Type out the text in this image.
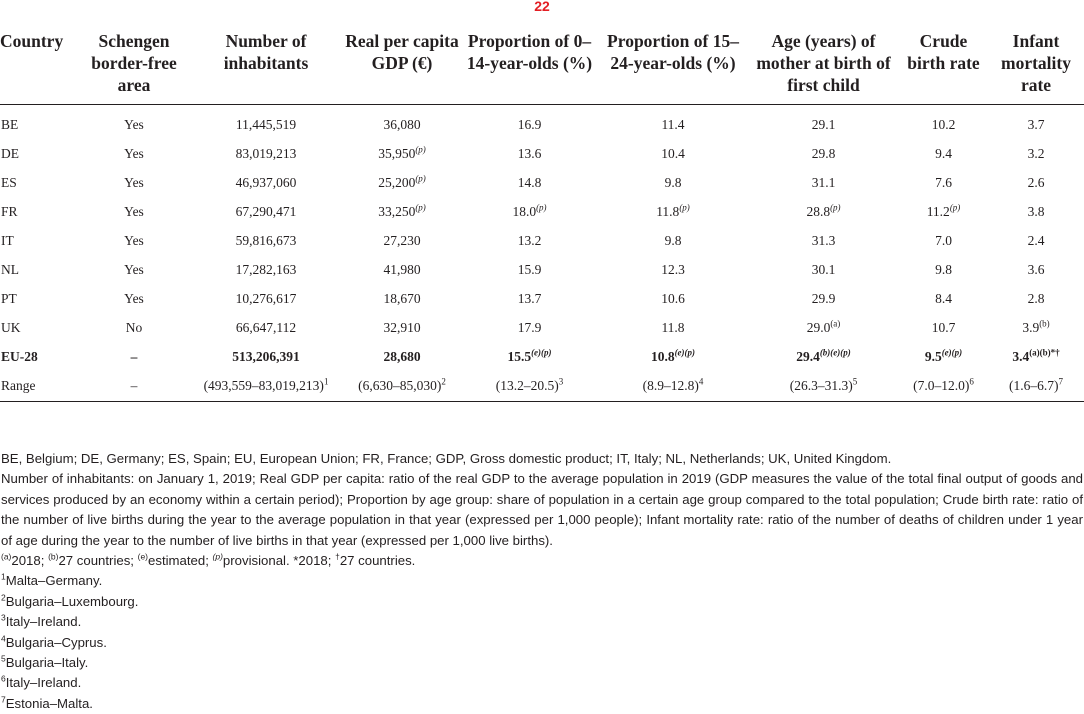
22
Country	Schengen border-free area	Number of inhabitants	Real per capita GDP (€)	Proportion of 0–14-year-olds (%)	Proportion of 15–24-year-olds (%)	Age (years) of mother at birth of first child	Crude birth rate	Infant mortality rate
BE	Yes	11,445,519	36,080	16.9	11.4	29.1	10.2	3.7
DE	Yes	83,019,213	35,950$^{(p)}$	13.6	10.4	29.8	9.4	3.2
ES	Yes	46,937,060	25,200$^{(p)}$	14.8	9.8	31.1	7.6	2.6
FR	Yes	67,290,471	33,250$^{(p)}$	18.0$^{(p)}$	11.8$^{(p)}$	28.8$^{(p)}$	11.2$^{(p)}$	3.8
IT	Yes	59,816,673	27,230	13.2	9.8	31.3	7.0	2.4
NL	Yes	17,282,163	41,980	15.9	12.3	30.1	9.8	3.6
PT	Yes	10,276,617	18,670	13.7	10.6	29.9	8.4	2.8
UK	No	66,647,112	32,910	17.9	11.8	29.0$^{(a)}$	10.7	3.9$^{(b)}$
EU-28	–	513,206,391	28,680	$15.5^{(e)(p)}$	$10.8^{(e)(p)}$	$29.4^{(b)(e)(p)}$	$9.5^{(e)(p)}$	$3.4^{(a)(b)*\dagger}$
Range	–	$(493,559-83,019,213)^1$	$(6,630-85,030)^2$	$(13.2-20.5)^3$	$(8.9-12.8)^4$	$(26.3-31.3)^5$	$(7.0-12.0)^6$	$(1.6-6.7)^7$

BE, Belgium; DE, Germany; ES, Spain; EU, European Union; FR, France; GDP, Gross domestic product; IT, Italy; NL, Netherlands; UK, United Kingdom.

Number of inhabitants: on January 1, 2019; Real GDP per capita: ratio of the real GDP to the average population in 2019 (GDP measures the value of the total final output of goods and services produced by an economy within a certain period); Proportion by age group: share of population in a certain age group compared to the total population; Crude birth rate: ratio of the number of live births during the year to the average population in that year (expressed per 1,000 people); Infant mortality rate: ratio of the number of deaths of children under 1 year of age during the year to the number of live births in that year (expressed per 1,000 live births).

$^{(a)}$2018; $^{(b)}$27 countries; $^{(e)}$estimated; $^{(p)}$provisional. *2018; †27 countries.

$^1$Malta–Germany.

$^2$Bulgaria–Luxembourg.

$^3$Italy–Ireland.

$^4$Bulgaria–Cyprus.

$^5$Bulgaria–Italy.

$^6$Italy–Ireland.

$^7$Estonia–Malta.
